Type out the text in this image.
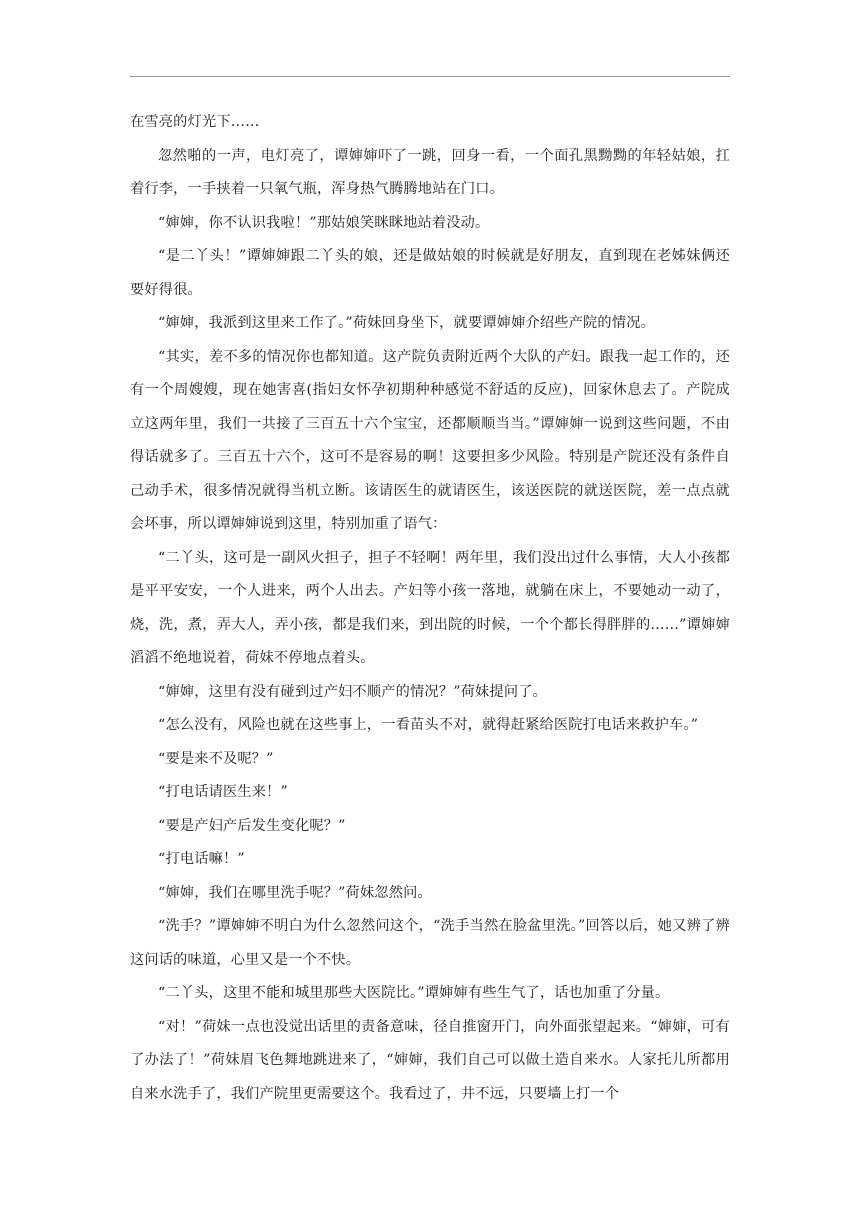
在雪亮的灯光下……

忽然啪的一声，电灯亮了，谭婶婶吓了一跳，回身一看，一个面孔黑黝黝的年轻姑娘，扛着行李，一手挟着一只氧气瓶，浑身热气腾腾地站在门口。

“婶婶，你不认识我啦！”那姑娘笑眯眯地站着没动。

“是二丫头！”谭婶婶跟二丫头的娘，还是做姑娘的时候就是好朋友，直到现在老姊妹俩还要好得很。

“婶婶，我派到这里来工作了。”荷妹回身坐下，就要谭婶婶介绍些产院的情况。

“其实，差不多的情况你也都知道。这产院负责附近两个大队的产妇。跟我一起工作的，还有一个周嫂嫂，现在她害喜(指妇女怀孕初期种种感觉不舒适的反应)，回家休息去了。产院成立这两年里，我们一共接了三百五十六个宝宝，还都顺顺当当。”谭婶婶一说到这些问题，不由得话就多了。三百五十六个，这可不是容易的啊！这要担多少风险。特别是产院还没有条件自己动手术，很多情况就得当机立断。该请医生的就请医生，该送医院的就送医院，差一点点就会坏事，所以谭婶婶说到这里，特别加重了语气：

“二丫头，这可是一副风火担子，担子不轻啊！两年里，我们没出过什么事情，大人小孩都是平平安安，一个人进来，两个人出去。产妇等小孩一落地，就躺在床上，不要她动一动了，烧，洗，煮，弄大人，弄小孩，都是我们来，到出院的时候，一个个都长得胖胖的……”谭婶婶滔滔不绝地说着，荷妹不停地点着头。

“婶婶，这里有没有碰到过产妇不顺产的情况？”荷妹提问了。

“怎么没有，风险也就在这些事上，一看苗头不对，就得赶紧给医院打电话来救护车。”

“要是来不及呢？”

“打电话请医生来！”

“要是产妇产后发生变化呢？”

“打电话嘛！”

“婶婶，我们在哪里洗手呢？”荷妹忽然问。

“洗手？”谭婶婶不明白为什么忽然问这个，“洗手当然在脸盆里洗。”回答以后，她又辨了辨这问话的味道，心里又是一个不快。

“二丫头，这里不能和城里那些大医院比。”谭婶婶有些生气了，话也加重了分量。

“对！”荷妹一点也没觉出话里的责备意味，径自推窗开门，向外面张望起来。“婶婶，可有了办法了！”荷妹眉飞色舞地跳进来了，“婶婶，我们自己可以做土造自来水。人家托儿所都用自来水洗手了，我们产院里更需要这个。我看过了，井不远，只要墙上打一个
